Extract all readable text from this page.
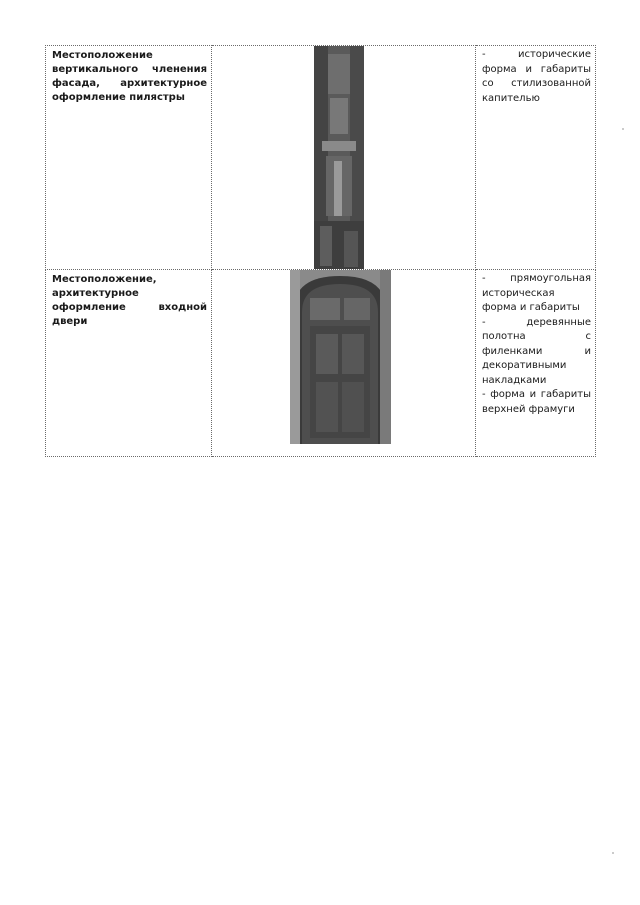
Местоположение вертикального членения фасада, архитектурное оформление пилястры		- исторические форма и габариты со стилизованной капителью

Местоположение, архитектурное оформление входной двери		- прямоугольная историческая форма и габариты

- деревянные полотна с филенками и декоративными накладками

- форма и габариты верхней фрамуги
